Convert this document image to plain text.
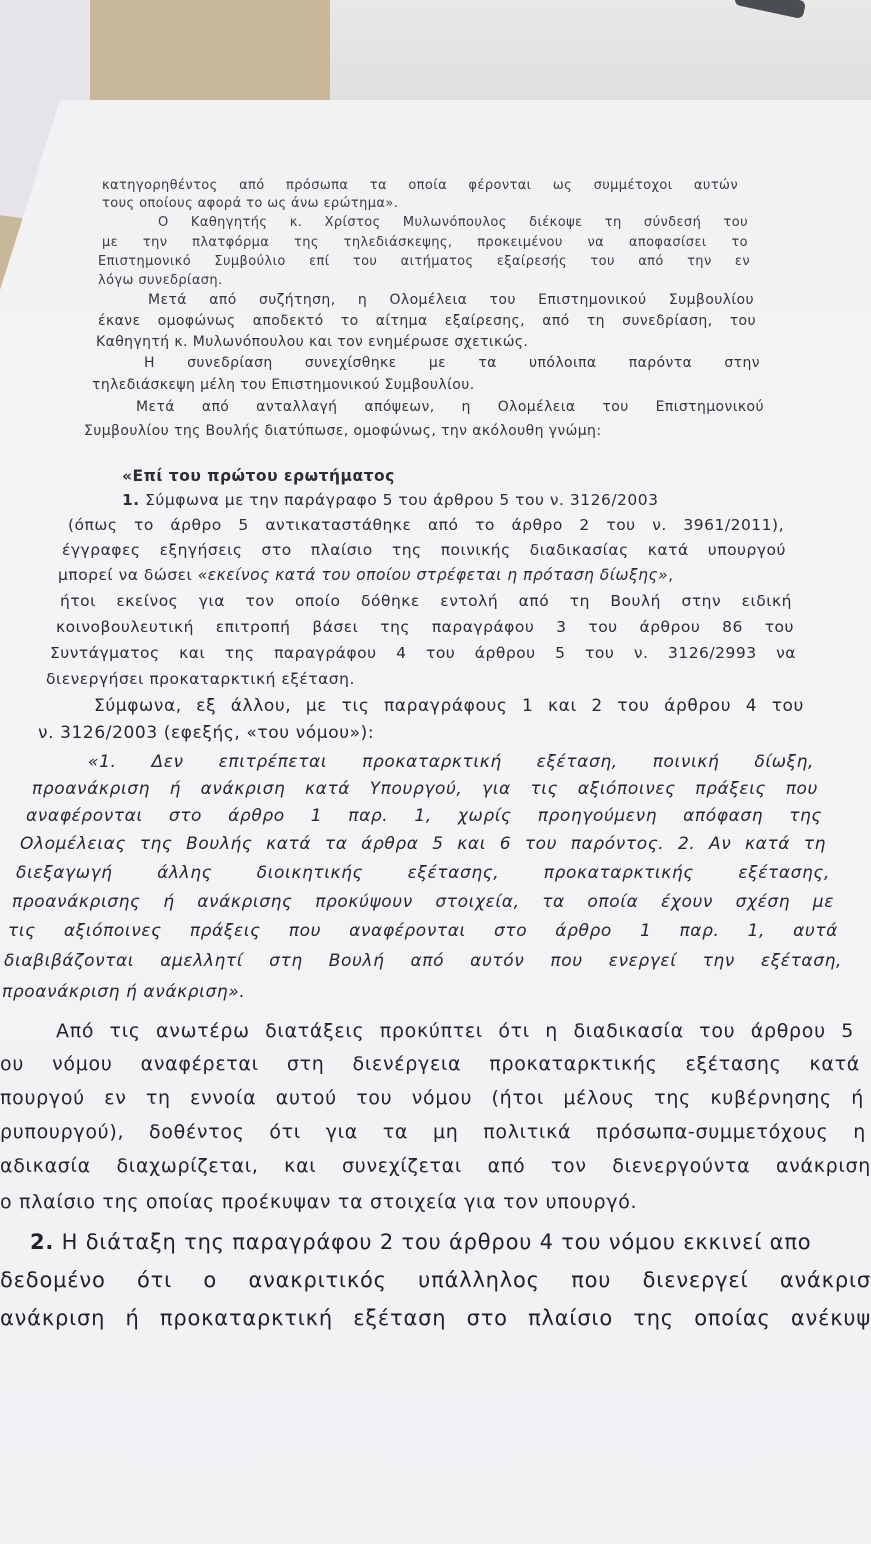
κατηγορηθέντος από πρόσωπα τα οποία φέρονται ως συμμέτοχοι αυτών
τους οποίους αφορά το ως άνω ερώτημα».
Ο Καθηγητής κ. Χρίστος Μυλωνόπουλος διέκοψε τη σύνδεσή του
με την πλατφόρμα της τηλεδιάσκεψης, προκειμένου να αποφασίσει το
Επιστημονικό Συμβούλιο επί του αιτήματος εξαίρεσής του από την εν
λόγω συνεδρίαση.
Μετά από συζήτηση, η Ολομέλεια του Επιστημονικού Συμβουλίου
έκανε ομοφώνως αποδεκτό το αίτημα εξαίρεσης, από τη συνεδρίαση, του
Καθηγητή κ. Μυλωνόπουλου και τον ενημέρωσε σχετικώς.
Η συνεδρίαση συνεχίσθηκε με τα υπόλοιπα παρόντα στην
τηλεδιάσκεψη μέλη του Επιστημονικού Συμβουλίου.
Μετά από ανταλλαγή απόψεων, η Ολομέλεια του Επιστημονικού
Συμβουλίου της Βουλής διατύπωσε, ομοφώνως, την ακόλουθη γνώμη:
«Επί του πρώτου ερωτήματος
1. Σύμφωνα με την παράγραφο 5 του άρθρου 5 του ν. 3126/2003
(όπως το άρθρο 5 αντικαταστάθηκε από το άρθρο 2 του ν. 3961/2011),
έγγραφες εξηγήσεις στο πλαίσιο της ποινικής διαδικασίας κατά υπουργού
μπορεί να δώσει «εκείνος κατά του οποίου στρέφεται η πρόταση δίωξης»,
ήτοι εκείνος για τον οποίο δόθηκε εντολή από τη Βουλή στην ειδική
κοινοβουλευτική επιτροπή βάσει της παραγράφου 3 του άρθρου 86 του
Συντάγματος και της παραγράφου 4 του άρθρου 5 του ν. 3126/2993 να
διενεργήσει προκαταρκτική εξέταση.
Σύμφωνα, εξ άλλου, με τις παραγράφους 1 και 2 του άρθρου 4 του
ν. 3126/2003 (εφεξής, «του νόμου»):
«1. Δεν επιτρέπεται προκαταρκτική εξέταση, ποινική δίωξη,
προανάκριση ή ανάκριση κατά Υπουργού, για τις αξιόποινες πράξεις που
αναφέρονται στο άρθρο 1 παρ. 1, χωρίς προηγούμενη απόφαση της
Ολομέλειας της Βουλής κατά τα άρθρα 5 και 6 του παρόντος. 2. Αν κατά τη
διεξαγωγή άλλης διοικητικής εξέτασης, προκαταρκτικής εξέτασης,
προανάκρισης ή ανάκρισης προκύψουν στοιχεία, τα οποία έχουν σχέση με
τις αξιόποινες πράξεις που αναφέρονται στο άρθρο 1 παρ. 1, αυτά
διαβιβάζονται αμελλητί στη Βουλή από αυτόν που ενεργεί την εξέταση,
προανάκριση ή ανάκριση».
Από τις ανωτέρω διατάξεις προκύπτει ότι η διαδικασία του άρθρου 5
ου νόμου αναφέρεται στη διενέργεια προκαταρκτικής εξέτασης κατά
πουργού εν τη εννοία αυτού του νόμου (ήτοι μέλους της κυβέρνησης ή
ρυπουργού), δοθέντος ότι για τα μη πολιτικά πρόσωπα-συμμετόχους η
αδικασία διαχωρίζεται, και συνεχίζεται από τον διενεργούντα ανάκριση
ο πλαίσιο της οποίας προέκυψαν τα στοιχεία για τον υπουργό.
2. Η διάταξη της παραγράφου 2 του άρθρου 4 του νόμου εκκινεί απο
δεδομένο ότι ο ανακριτικός υπάλληλος που διενεργεί ανάκρισ
ανάκριση ή προκαταρκτική εξέταση στο πλαίσιο της οποίας ανέκυψ
